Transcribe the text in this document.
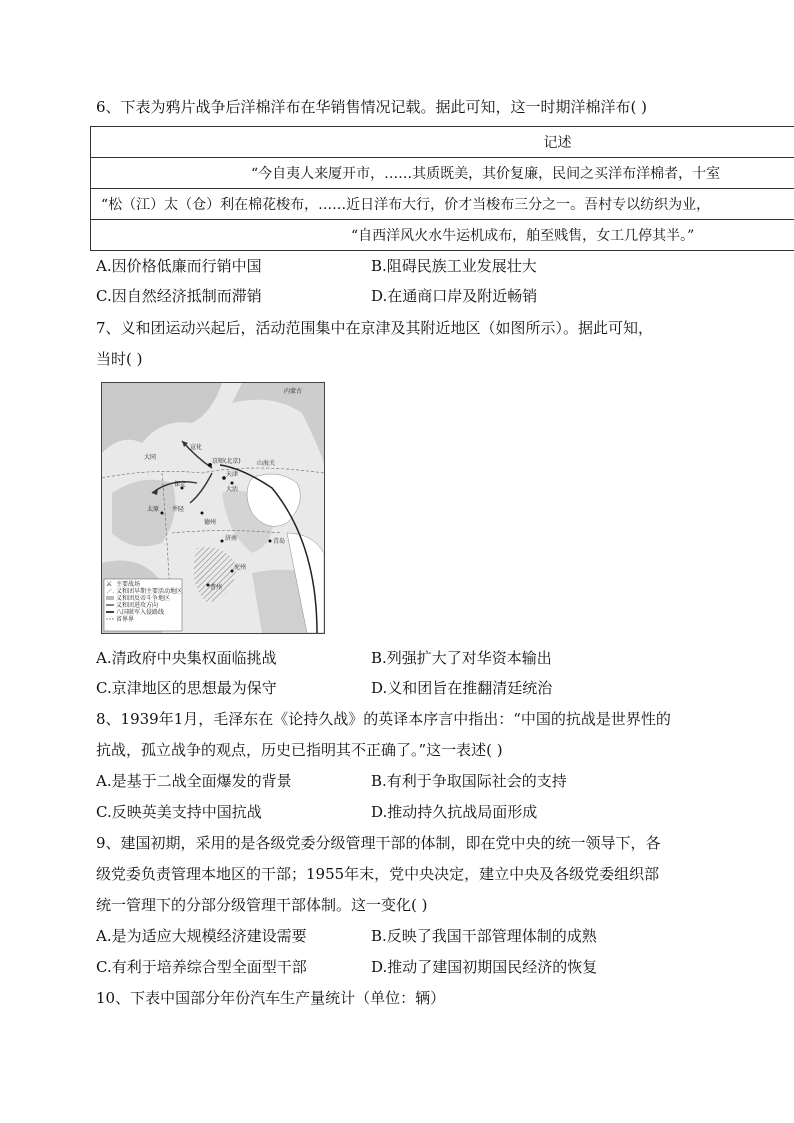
6、下表为鸦片战争后洋棉洋布在华销售情况记载。据此可知，这一时期洋棉洋布( )
记述
“今自夷人来厦开市，……其质既美，其价复廉，民间之买洋布洋棉者，十室
“松（江）太（仓）利在棉花梭布，……近日洋布大行，价才当梭布三分之一。吾村专以纺织为业，
“自西洋风火水牛运机成布，舶至贱售，女工几停其半。”
A.因价格低廉而行销中国	B.阻碍民族工业发展壮大
C.因自然经济抵制而滞销	D.在通商口岸及附近畅销
7、义和团运动兴起后，活动范围集中在京津及其附近地区（如图所示）。据此可知，
当时( )
京师(北京)
天津
大沽
宣化
大同
山海关
保定
太原 井陉
德州
济南	青岛
曹州
兖州
内蒙古
⚔ 主要战场
义和团早期主要活动地区
义和团反帝斗争地区
义和团进攻方向
八国联军入侵路线
省界界
A.清政府中央集权面临挑战	B.列强扩大了对华资本输出
C.京津地区的思想最为保守	D.义和团旨在推翻清廷统治
8、1939年1月，毛泽东在《论持久战》的英译本序言中指出：“中国的抗战是世界性的
抗战，孤立战争的观点，历史已指明其不正确了。”这一表述( )
A.是基于二战全面爆发的背景	B.有利于争取国际社会的支持
C.反映英美支持中国抗战	D.推动持久抗战局面形成
9、建国初期，采用的是各级党委分级管理干部的体制，即在党中央的统一领导下，各
级党委负责管理本地区的干部；1955年末，党中央决定，建立中央及各级党委组织部
统一管理下的分部分级管理干部体制。这一变化( )
A.是为适应大规模经济建设需要	B.反映了我国干部管理体制的成熟
C.有利于培养综合型全面型干部	D.推动了建国初期国民经济的恢复
10、下表中国部分年份汽车生产量统计（单位：辆）
